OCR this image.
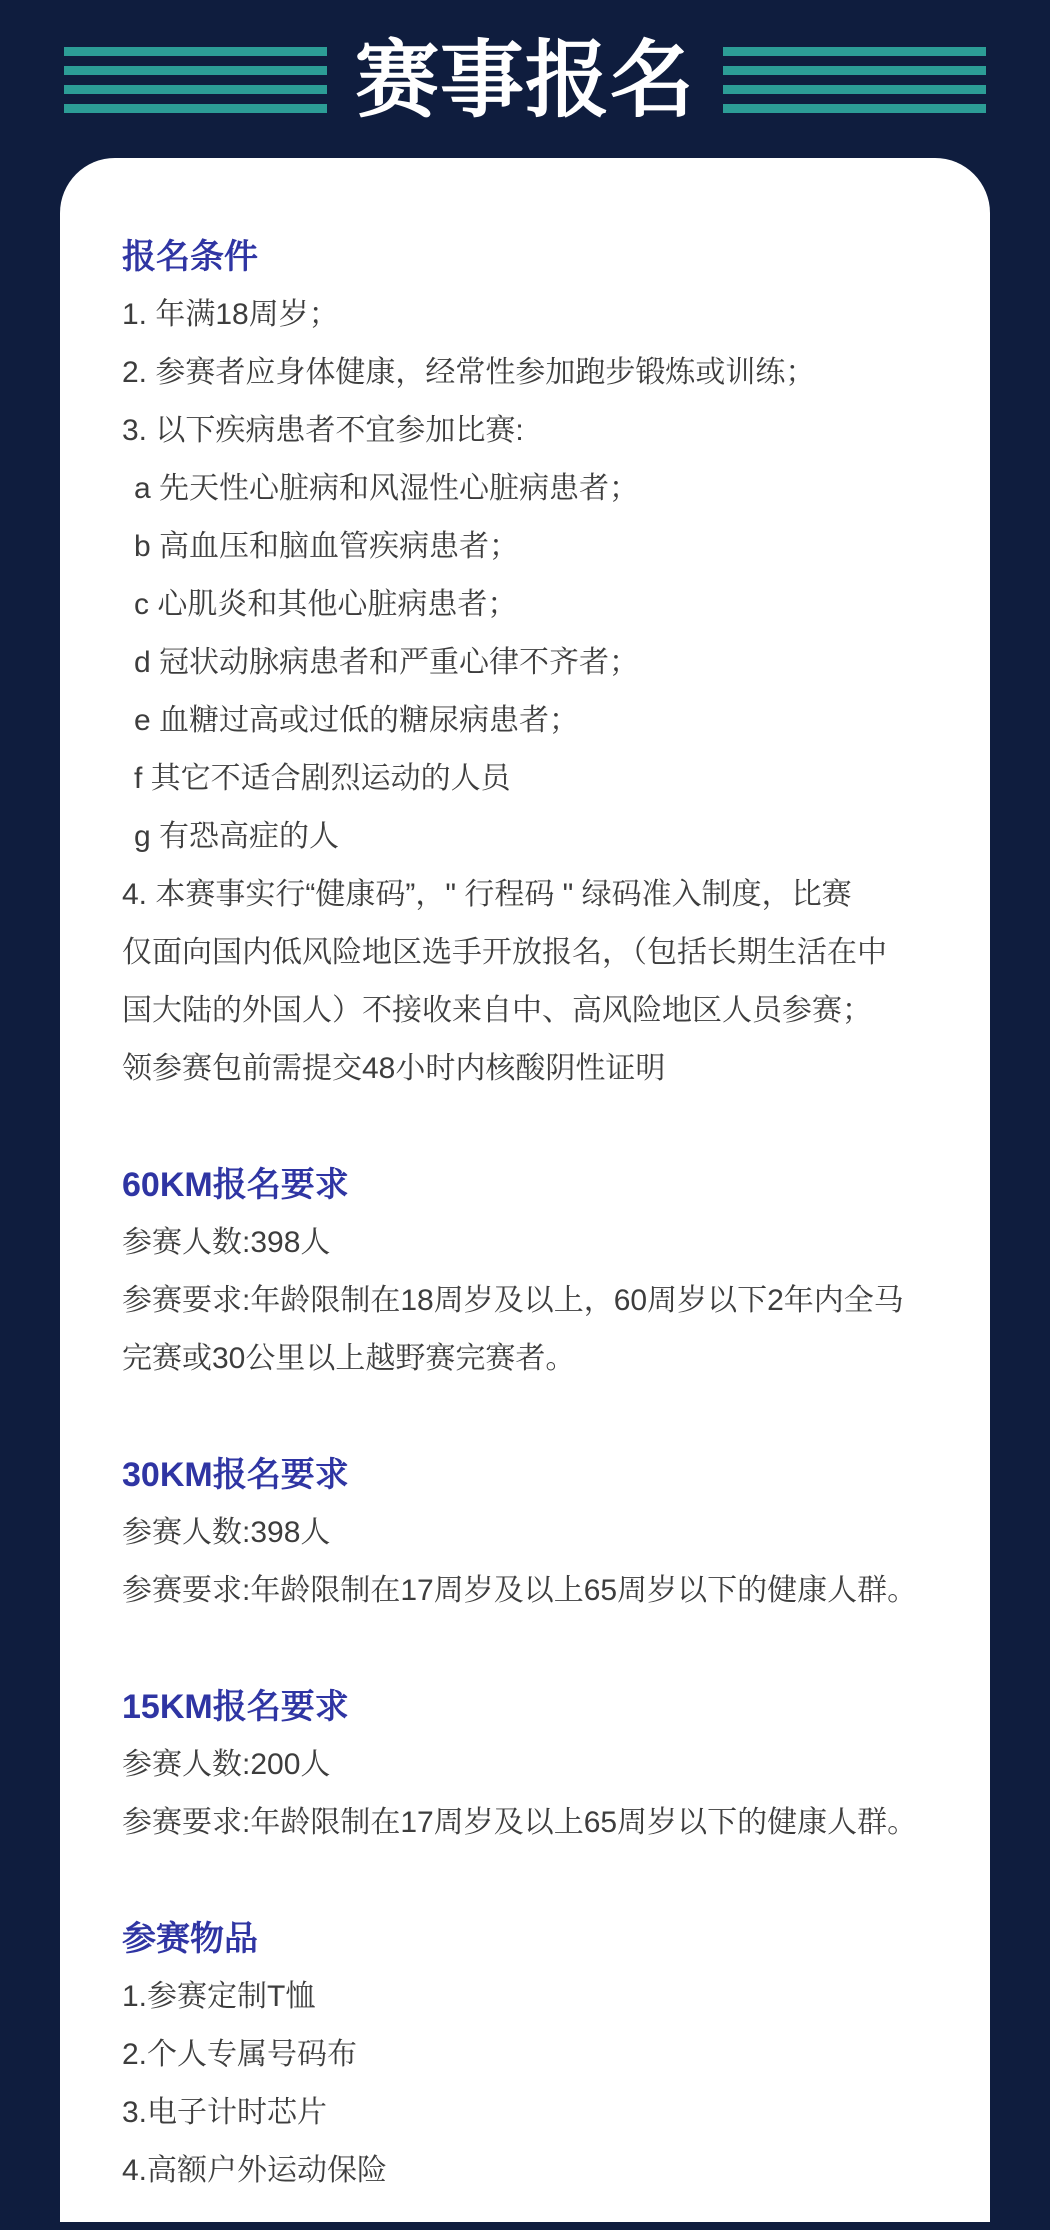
赛事报名
报名条件
1. 年满18周岁；
2. 参赛者应身体健康，经常性参加跑步锻炼或训练；
3. 以下疾病患者不宜参加比赛:
a 先天性心脏病和风湿性心脏病患者；
b 高血压和脑血管疾病患者；
c 心肌炎和其他心脏病患者；
d 冠状动脉病患者和严重心律不齐者；
e 血糖过高或过低的糖尿病患者；
f 其它不适合剧烈运动的人员
g 有恐高症的人
4. 本赛事实行“健康码”，" 行程码 " 绿码准入制度，比赛
仅面向国内低风险地区选手开放报名，（包括长期生活在中
国大陆的外国人）不接收来自中、高风险地区人员参赛；
领参赛包前需提交48小时内核酸阴性证明
60KM报名要求
参赛人数:398人
参赛要求:年龄限制在18周岁及以上，60周岁以下2年内全马
完赛或30公里以上越野赛完赛者。
30KM报名要求
参赛人数:398人
参赛要求:年龄限制在17周岁及以上65周岁以下的健康人群。
15KM报名要求
参赛人数:200人
参赛要求:年龄限制在17周岁及以上65周岁以下的健康人群。
参赛物品
1.参赛定制T恤
2.个人专属号码布
3.电子计时芯片
4.高额户外运动保险
